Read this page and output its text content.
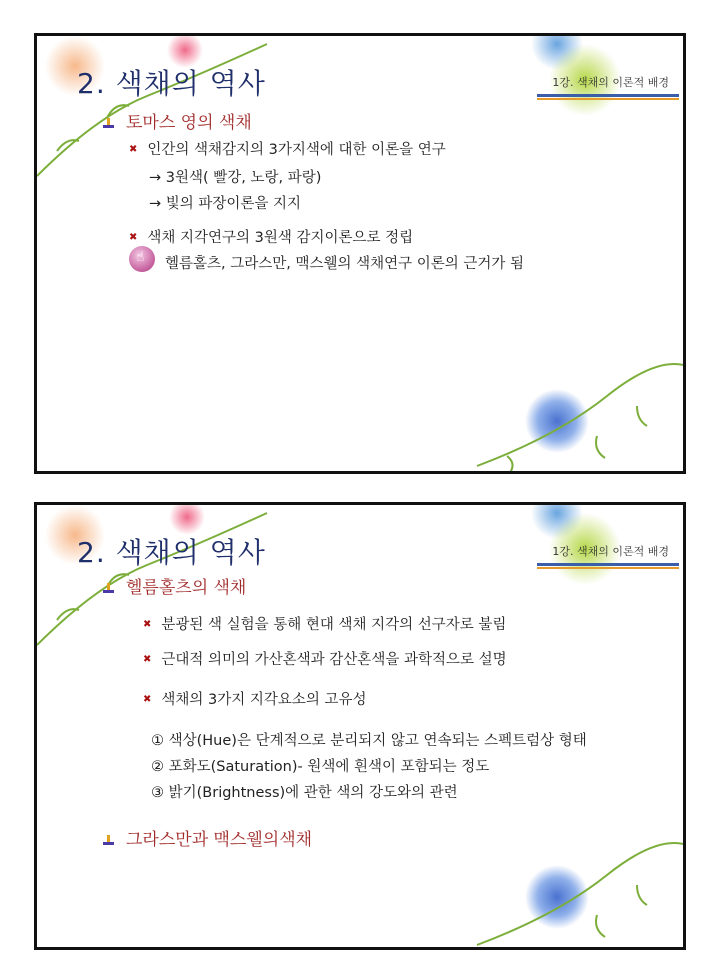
2. 색채의 역사	1강. 색채의 이론적 배경
토마스 영의 색채
✖ 인간의 색채감지의 3가지색에 대한 이론을 연구
→ 3원색( 빨강, 노랑, 파랑)
→ 빛의 파장이론을 지지
✖ 색채 지각연구의 3원색 감지이론으로 정립
☝ 헬름홀츠, 그라스만, 맥스웰의 색채연구 이론의 근거가 됨
2. 색채의 역사	1강. 색채의 이론적 배경
헬름홀츠의 색채
✖ 분광된 색 실험을 통해 현대 색채 지각의 선구자로 불림
✖ 근대적 의미의 가산혼색과 감산혼색을 과학적으로 설명
✖ 색채의 3가지 지각요소의 고유성
① 색상(Hue)은 단계적으로 분리되지 않고 연속되는 스펙트럼상 형태
② 포화도(Saturation)- 원색에 흰색이 포함되는 정도
③ 밝기(Brightness)에 관한 색의 강도와의 관련
그라스만과 맥스웰의색채
